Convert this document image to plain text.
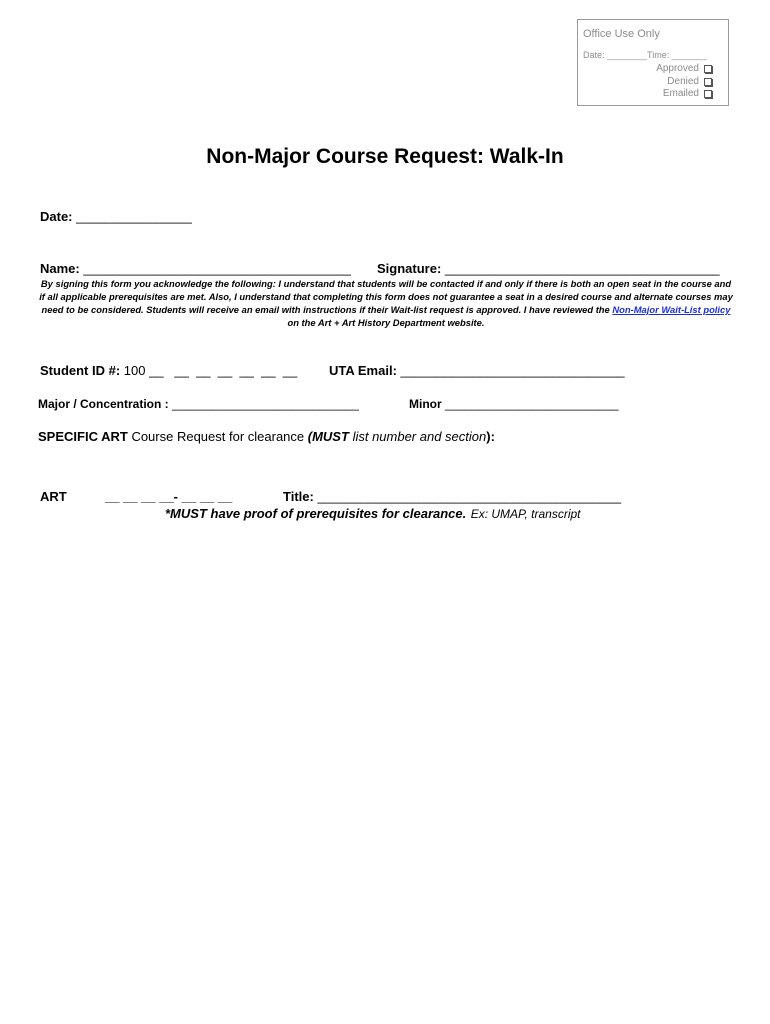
Office Use Only
Date: ________Time: _______
Approved
Denied
Emailed
Non-Major Course Request: Walk-In
Date: ________________
Name: _____________________________________ Signature: ______________________________________
By signing this form you acknowledge the following: I understand that students will be contacted if and only if there is both an open seat in the course and if all applicable prerequisites are met. Also, I understand that completing this form does not guarantee a seat in a desired course and alternate courses may need to be considered. Students will receive an email with instructions if their Wait-list request is approved. I have reviewed the Non-Major Wait-List policy on the Art + Art History Department website.
Student ID #: 100 __   __  __  __  __  __  __ UTA Email: _______________________________
Major / Concentration : ____________________________	Minor __________________________
SPECIFIC ART Course Request for clearance (MUST list number and section):
ART	__ __ __ __- __ __ __	Title: __________________________________________
*MUST have proof of prerequisites for clearance. Ex: UMAP, transcript
